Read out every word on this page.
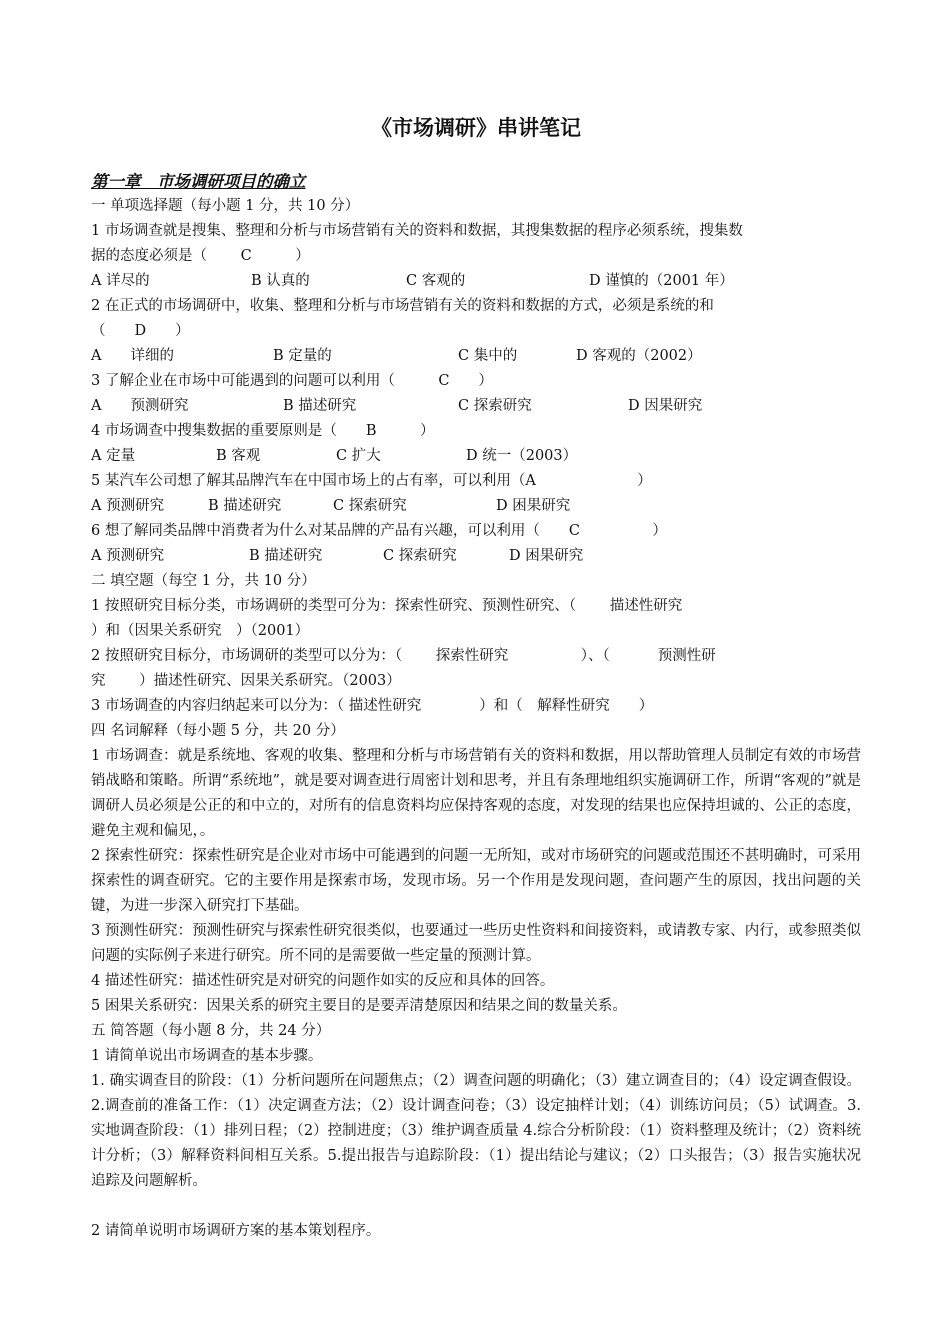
《市场调研》串讲笔记
第一章　市场调研项目的确立
一 单项选择题（每小题 1 分，共 10 分）
1 市场调查就是搜集、整理和分析与市场营销有关的资料和数据，其搜集数据的程序必须系统，搜集数
据的态度必须是（　　 C　　　）
A 详尽的	B 认真的	C 客观的	D 谨慎的（2001 年）
2 在正式的市场调研中，收集、整理和分析与市场营销有关的资料和数据的方式，必须是系统的和
（　　D　　）
A　　详细的	B 定量的	C 集中的	D 客观的（2002）
3 了解企业在市场中可能遇到的问题可以利用（　　　C　　）
A　　预测研究	B 描述研究	C 探索研究	D 因果研究
4 市场调查中搜集数据的重要原则是（　　B　　　）
A 定量	B 客观	C 扩大	D 统一（2003）
5 某汽车公司想了解其品牌汽车在中国市场上的占有率，可以利用（A　　　　　　　）
A 预测研究	B 描述研究	C 探索研究	D 困果研究
6 想了解同类品牌中消费者为什么对某品牌的产品有兴趣，可以利用（　　C　　　　　）
A 预测研究	B 描述研究	C 探索研究	D 困果研究
二 填空题（每空 1 分，共 10 分）
1 按照研究目标分类，市场调研的类型可分为：探索性研究、预测性研究、（　　 描述性研究
）和（因果关系研究　）（2001）
2 按照研究目标分，市场调研的类型可以分为：（　　 探索性研究　　　　　）、（　　　 预测性研
究　　 ）描述性研究、因果关系研究。（2003）
3 市场调查的内容归纳起来可以分为：（ 描述性研究　　　　）和（　解释性研究　　）
四 名词解释（每小题 5 分，共 20 分）
1 市场调查：就是系统地、客观的收集、整理和分析与市场营销有关的资料和数据，用以帮助管理人员制定有效的市场营销战略和策略。所谓“系统地”，就是要对调查进行周密计划和思考，并且有条理地组织实施调研工作，所谓“客观的”就是调研人员必须是公正的和中立的，对所有的信息资料均应保持客观的态度，对发现的结果也应保持坦诚的、公正的态度，避免主观和偏见，。
2 探索性研究：探索性研究是企业对市场中可能遇到的问题一无所知，或对市场研究的问题或范围还不甚明确时，可采用探索性的调查研究。它的主要作用是探索市场，发现市场。另一个作用是发现问题，查问题产生的原因，找出问题的关键，为进一步深入研究打下基础。
3 预测性研究：预测性研究与探索性研究很类似，也要通过一些历史性资料和间接资料，或请教专家、内行，或参照类似问题的实际例子来进行研究。所不同的是需要做一些定量的预测计算。
4 描述性研究：描述性研究是对研究的问题作如实的反应和具体的回答。
5 困果关系研究：因果关系的研究主要目的是要弄清楚原因和结果之间的数量关系。
五 简答题（每小题 8 分，共 24 分）
1 请简单说出市场调查的基本步骤。
1. 确实调查目的阶段：（1）分析问题所在问题焦点；（2）调查问题的明确化；（3）建立调查目的；（4）设定调查假设。2.调查前的准备工作：（1）决定调查方法；（2）设计调查问卷；（3）设定抽样计划；（4）训练访问员；（5）试调查。3.实地调查阶段：（1）排列日程；（2）控制进度；（3）维护调查质量 4.综合分析阶段：（1）资料整理及统计；（2）资料统计分析；（3）解释资料间相互关系。5.提出报告与追踪阶段：（1）提出结论与建议；（2）口头报告；（3）报告实施状况追踪及问题解析。
2 请简单说明市场调研方案的基本策划程序。
